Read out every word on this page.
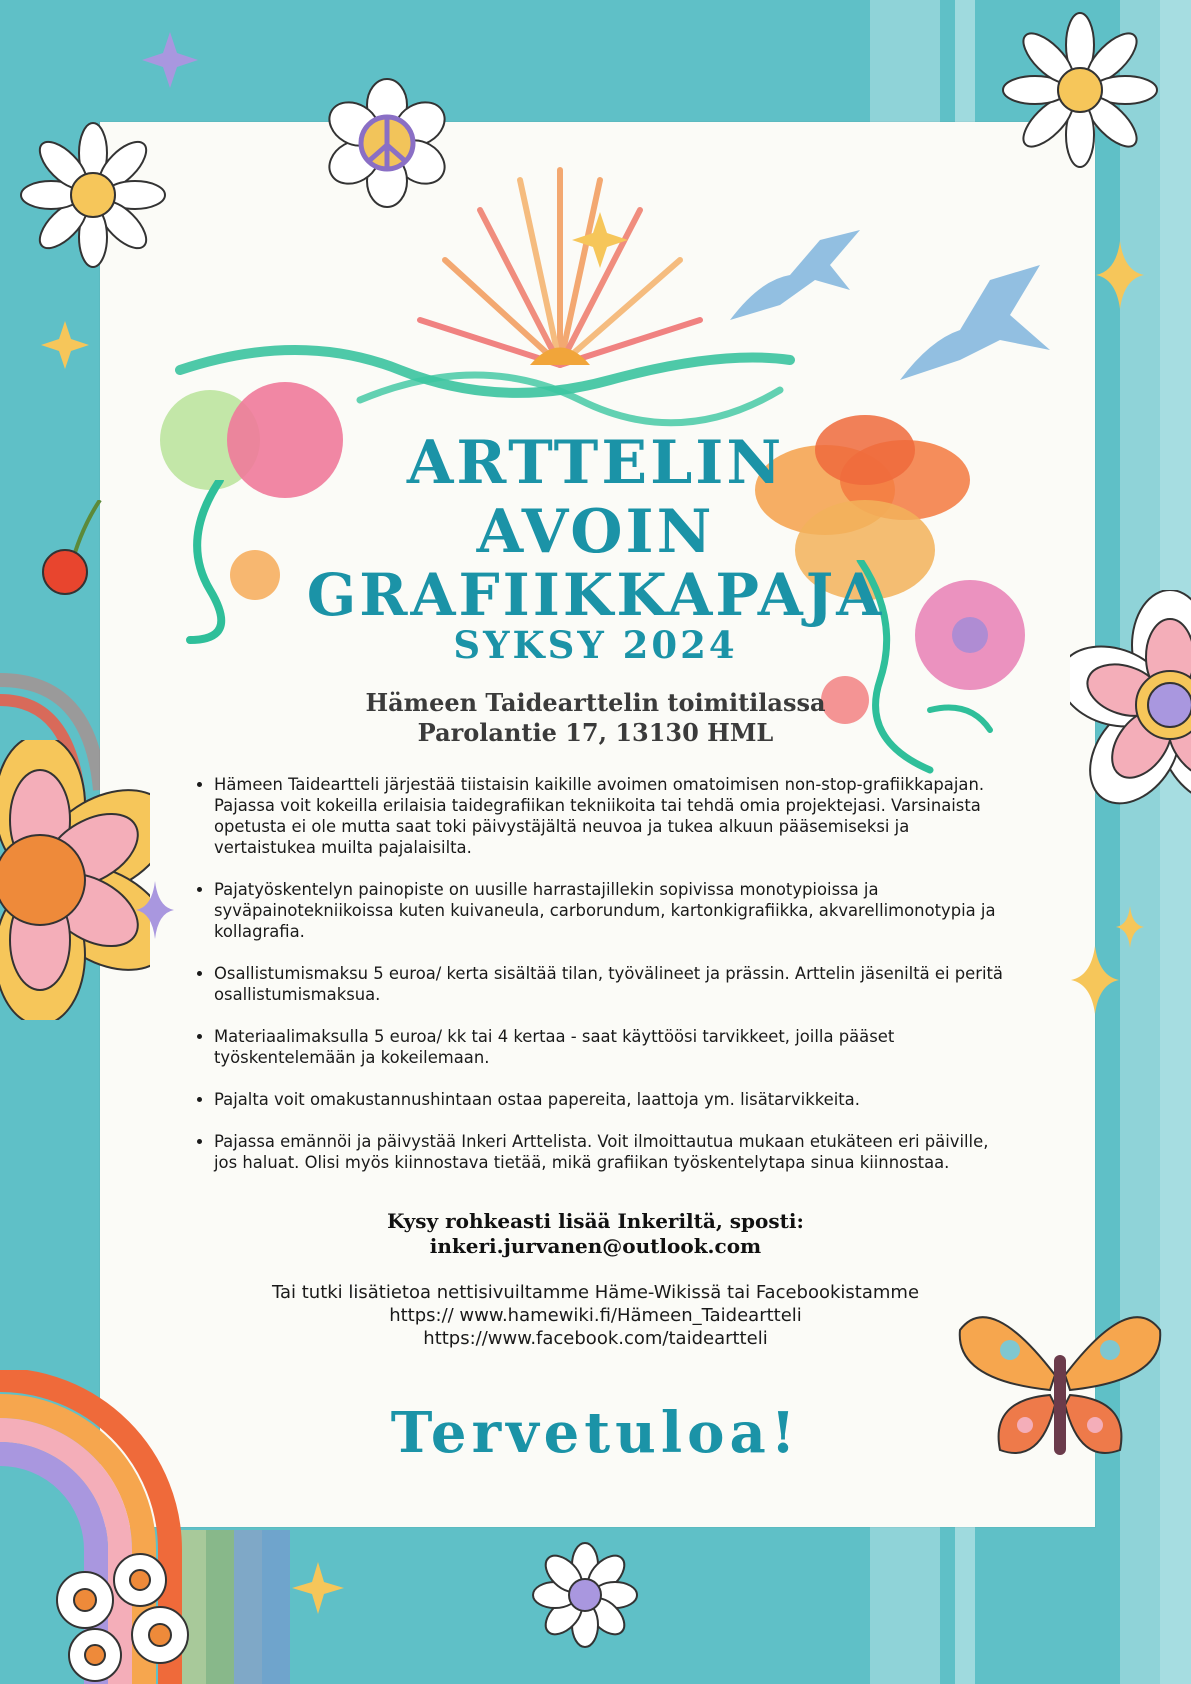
ARTTELIN
AVOIN
GRAFIIKKAPAJA
SYKSY 2024
Hämeen Taidearttelin toimitilassa
Parolantie 17, 13130 HML
• Hämeen Taideartteli järjestää tiistaisin kaikille avoimen omatoimisen non-stop-grafiikkapajan. Pajassa voit kokeilla erilaisia taidegrafiikan tekniikoita tai tehdä omia projektejasi. Varsinaista opetusta ei ole mutta saat toki päivystäjältä neuvoa ja tukea alkuun pääsemiseksi ja vertaistukea muilta pajalaisilta.
• Pajatyöskentelyn painopiste on uusille harrastajillekin sopivissa monotypioissa ja syväpainotekniikoissa kuten kuivaneula, carborundum, kartonkigrafiikka, akvarellimonotypia ja kollagrafia.
• Osallistumismaksu 5 euroa/ kerta sisältää tilan, työvälineet ja prässin. Arttelin jäseniltä ei peritä osallistumismaksua.
• Materiaalimaksulla 5 euroa/ kk tai 4 kertaa - saat käyttöösi tarvikkeet, joilla pääset työskentelemään ja kokeilemaan.
• Pajalta voit omakustannushintaan ostaa papereita, laattoja ym. lisätarvikkeita.
• Pajassa emännöi ja päivystää Inkeri Arttelista. Voit ilmoittautua mukaan etukäteen eri päiville, jos haluat. Olisi myös kiinnostava tietää, mikä grafiikan työskentelytapa sinua kiinnostaa.
Kysy rohkeasti lisää Inkeriltä, sposti:
inkeri.jurvanen@outlook.com
Tai tutki lisätietoa nettisivuiltamme Häme-Wikissä tai Facebookistamme
https:// www.hamewiki.fi/Hämeen_Taideartteli
https://www.facebook.com/taideartteli
Tervetuloa!
